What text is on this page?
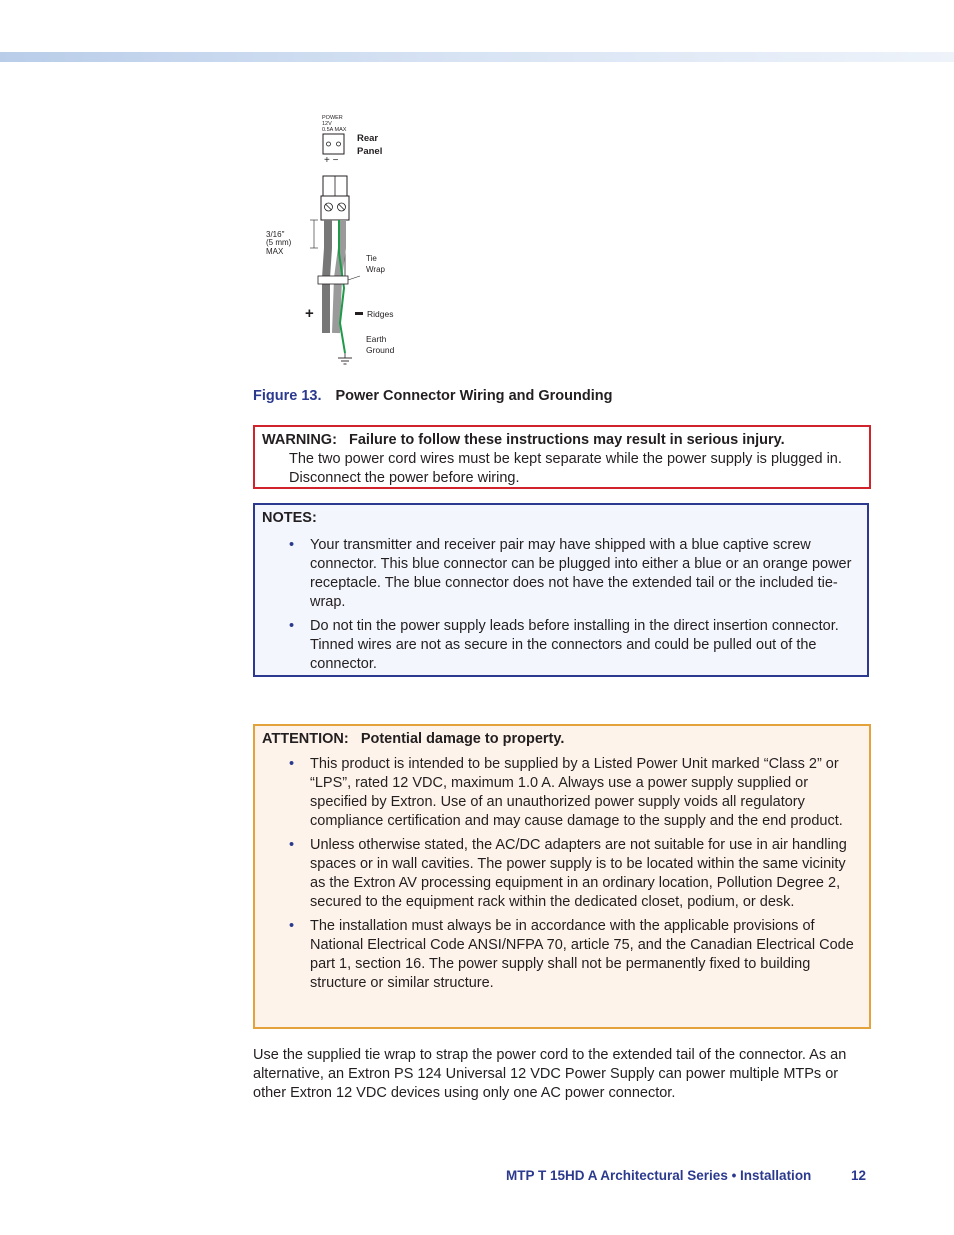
POWER
12V
0.5A MAX
+ −
Rear
Panel
3/16"
(5 mm)
MAX
Tie
Wrap
+	Ridges
Earth
Ground
Figure 13. Power Connector Wiring and Grounding
WARNING: Failure to follow these instructions may result in serious injury.
The two power cord wires must be kept separate while the power supply is plugged in. Disconnect the power before wiring.
NOTES:
• Your transmitter and receiver pair may have shipped with a blue captive screw connector. This blue connector can be plugged into either a blue or an orange power receptacle. The blue connector does not have the extended tail or the included tie-wrap.
• Do not tin the power supply leads before installing in the direct insertion connector. Tinned wires are not as secure in the connectors and could be pulled out of the connector.
ATTENTION: Potential damage to property.
• This product is intended to be supplied by a Listed Power Unit marked “Class 2” or “LPS”, rated 12 VDC, maximum 1.0 A. Always use a power supply supplied or specified by Extron. Use of an unauthorized power supply voids all regulatory compliance certification and may cause damage to the supply and the end product.
• Unless otherwise stated, the AC/DC adapters are not suitable for use in air handling spaces or in wall cavities. The power supply is to be located within the same vicinity as the Extron AV processing equipment in an ordinary location, Pollution Degree 2, secured to the equipment rack within the dedicated closet, podium, or desk.
• The installation must always be in accordance with the applicable provisions of National Electrical Code ANSI/NFPA 70, article 75, and the Canadian Electrical Code part 1, section 16. The power supply shall not be permanently fixed to building structure or similar structure.
Use the supplied tie wrap to strap the power cord to the extended tail of the connector. As an alternative, an Extron PS 124 Universal 12 VDC Power Supply can power multiple MTPs or other Extron 12 VDC devices using only one AC power connector.
MTP T 15HD A Architectural Series • Installation	12
